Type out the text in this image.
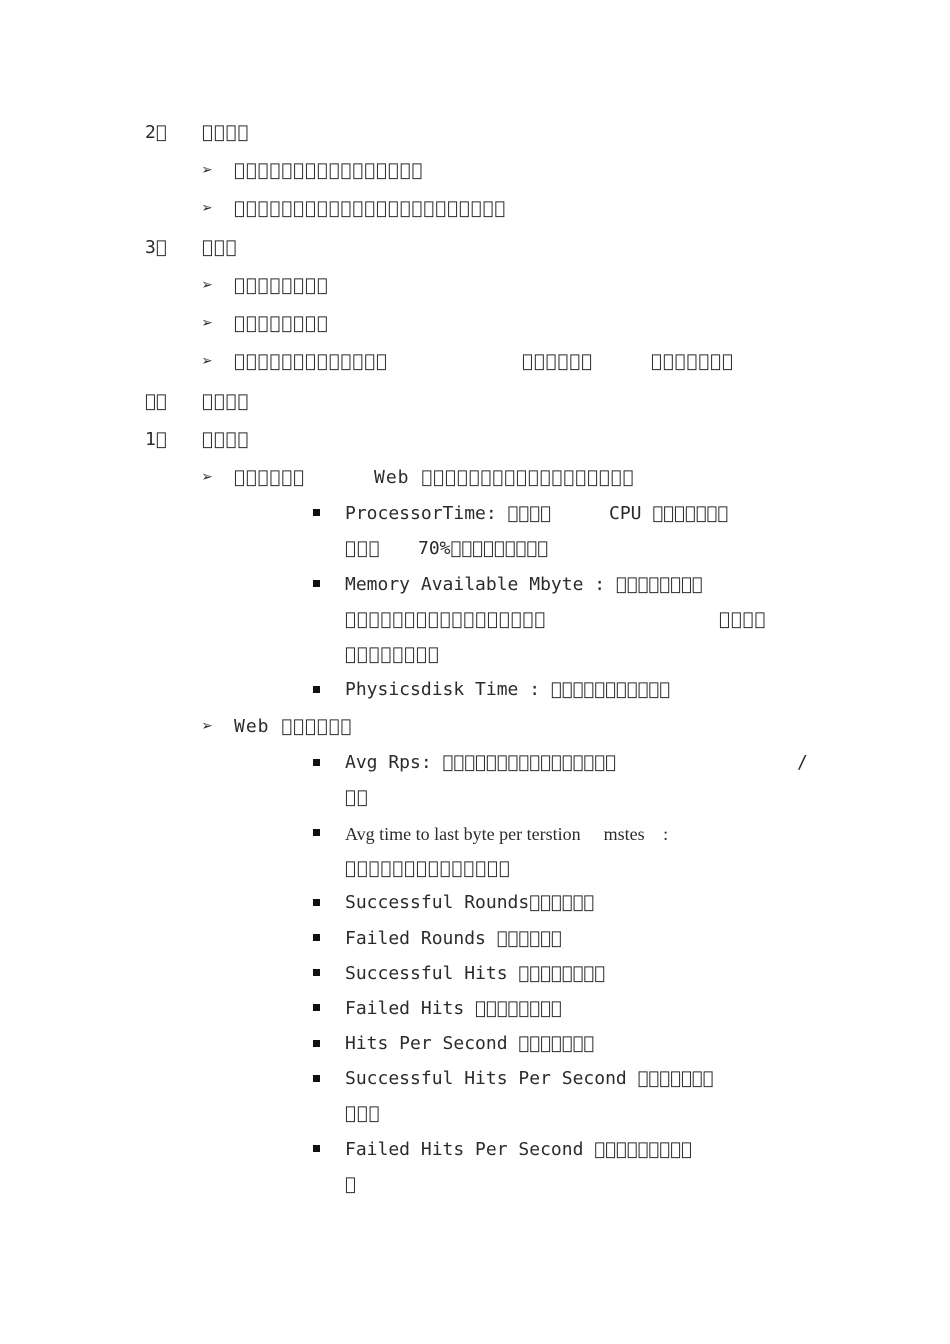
2      
➢                 
➢                        
3     
➢         
➢         
➢              	      	       
       
1      
➢       	Web                   
ProcessorTime:     	CPU        
    70%         
Memory Available Mbyte :         
                 	    
        
Physicsdisk Time :            
➢ Web       
Avg Rps:                 	/
  
Avg time to last byte per terstion   mstes  :
              
Successful Rounds      
Failed Rounds       
Successful Hits         
Failed Hits         
Hits Per Second        
Successful Hits Per Second        
   
Failed Hits Per Second          
 
